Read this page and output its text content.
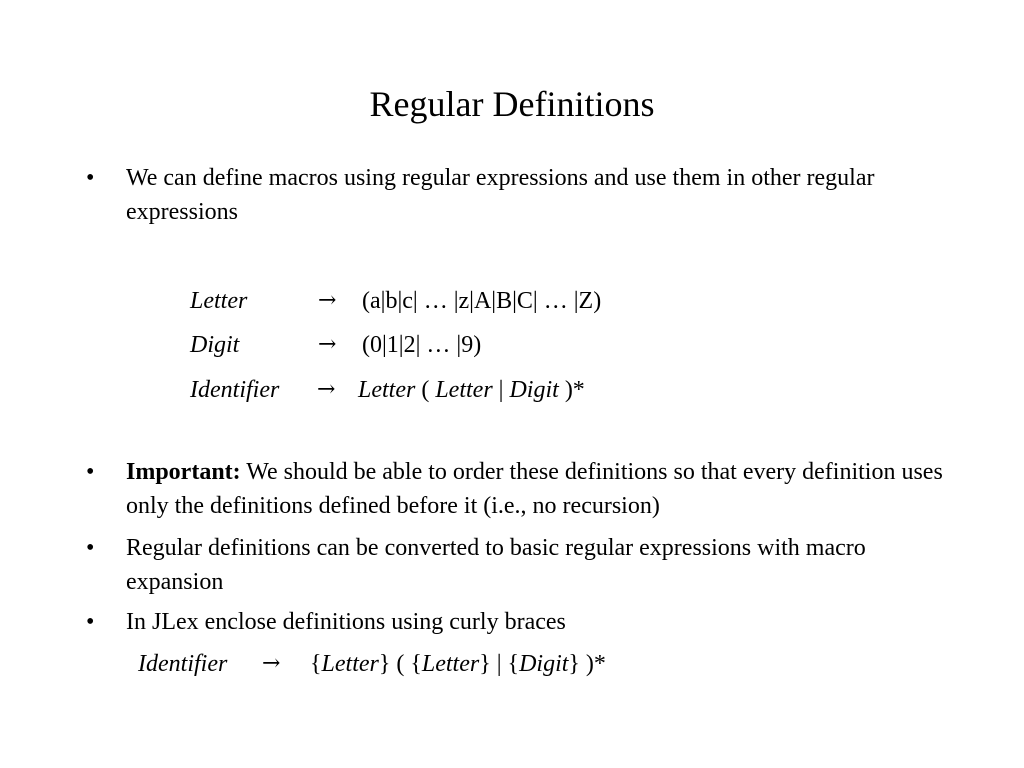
Regular Definitions
•	We can define macros using regular expressions and use them in other regular expressions
Letter	→ (a|b|c| … |z|A|B|C| … |Z)
Digit	→ (0|1|2| … |9)
Identifier → Letter ( Letter | Digit )*
•	Important: We should be able to order these definitions so that every definition uses only the definitions defined before it (i.e., no recursion)
•	Regular definitions can be converted to basic regular expressions with macro expansion
•	In JLex enclose definitions using curly braces
Identifier → {Letter} ( {Letter} | {Digit} )*
